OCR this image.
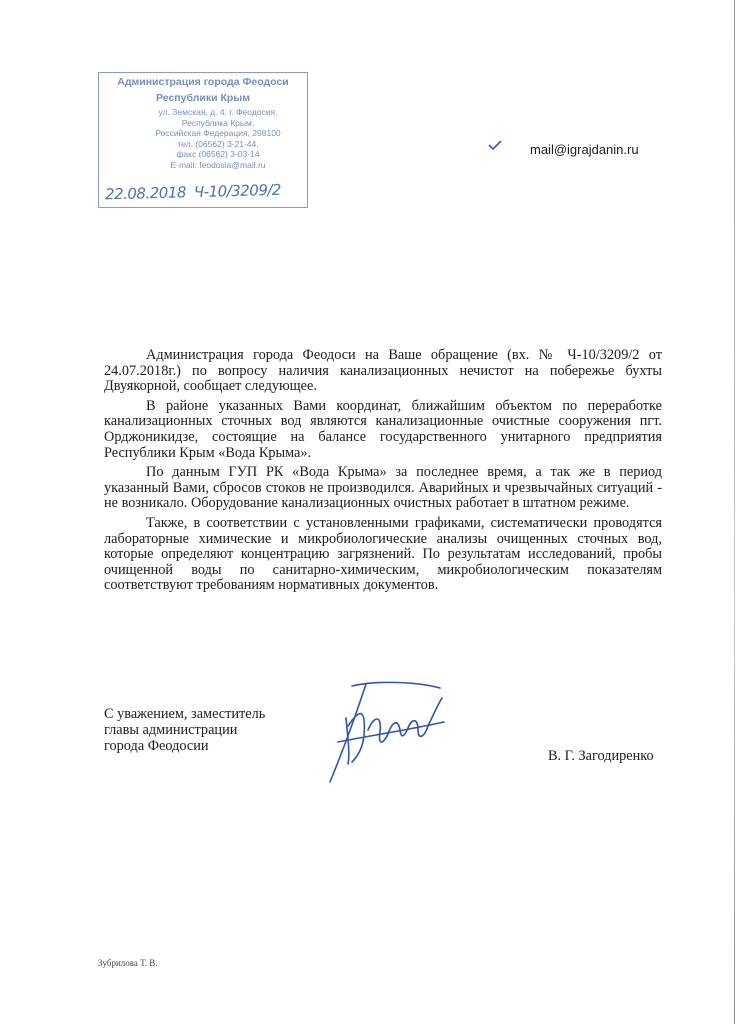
Администрация города Феодоси
Республики Крым
ул. Земская, д. 4, г. Феодосия,
Республика Крым,
Российская Федерация, 298100
тел. (06562) 3-21-44,
факс (06562) 3-03-14
E-mail: feodosia@mail.ru
22.08.2018 Ч-10/3209/2
mail@igrajdanin.ru

Администрация города Феодоси на Ваше обращение (вх. № Ч-10/3209/2 от 24.07.2018г.) по вопросу наличия канализационных нечистот на побережье бухты Двуякорной, сообщает следующее.

В районе указанных Вами координат, ближайшим объектом по переработке канализационных сточных вод являются канализационные очистные сооружения пгт. Орджоникидзе, состоящие на балансе государственного унитарного предприятия Республики Крым «Вода Крыма».

По данным ГУП РК «Вода Крыма» за последнее время, а так же в период указанный Вами, сбросов стоков не производился. Аварийных и чрезвычайных ситуаций - не возникало. Оборудование канализационных очистных работает в штатном режиме.

Также, в соответствии с установленными графиками, систематически проводятся лабораторные химические и микробиологические анализы очищенных сточных вод, которые определяют концентрацию загрязнений. По результатам исследований, пробы очищенной воды по санитарно-химическим, микробиологическим показателям соответствуют требованиям нормативных документов.

С уважением, заместитель
главы администрации
города Феодосии
В. Г. Загодиренко
Зубрилова Т. В.
